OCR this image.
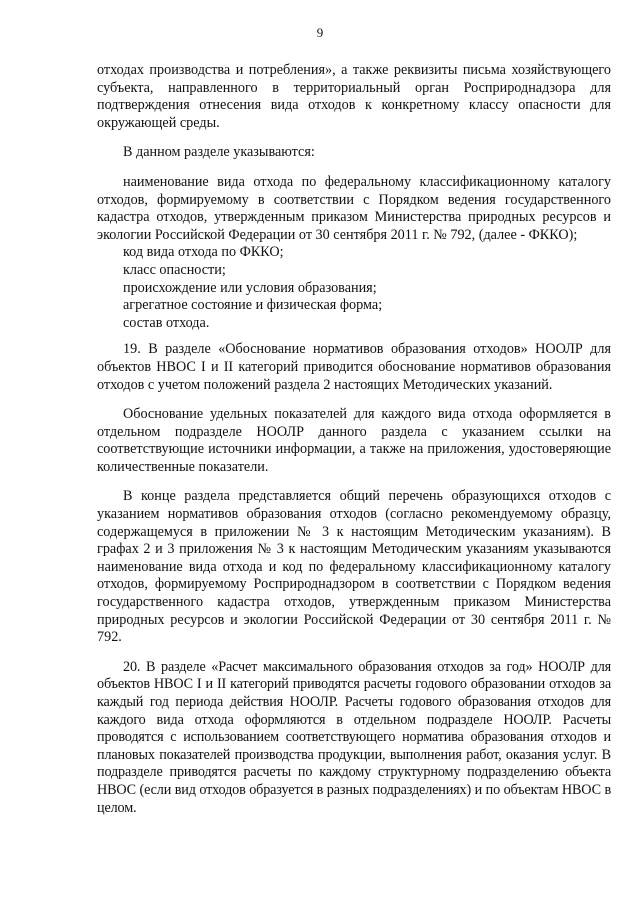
9

отходах производства и потребления», а также реквизиты письма хозяйствующего субъекта, направленного в территориальный орган Росприроднадзора для подтверждения отнесения вида отходов к конкретному классу опасности для окружающей среды.

В данном разделе указываются:

наименование вида отхода по федеральному классификационному каталогу отходов, формируемому в соответствии с Порядком ведения государственного кадастра отходов, утвержденным приказом Министерства природных ресурсов и экологии Российской Федерации от 30 сентября 2011 г. № 792, (далее - ФККО);

код вида отхода по ФККО;

класс опасности;

происхождение или условия образования;

агрегатное состояние и физическая форма;

состав отхода.

19. В разделе «Обоснование нормативов образования отходов» НООЛР для объектов НВОС I и II категорий приводится обоснование нормативов образования отходов с учетом положений раздела 2 настоящих Методических указаний.

Обоснование удельных показателей для каждого вида отхода оформляется в отдельном подразделе НООЛР данного раздела с указанием ссылки на соответствующие источники информации, а также на приложения, удостоверяющие количественные показатели.

В конце раздела представляется общий перечень образующихся отходов с указанием нормативов образования отходов (согласно рекомендуемому образцу, содержащемуся в приложении № 3 к настоящим Методическим указаниям). В графах 2 и 3 приложения № 3 к настоящим Методическим указаниям указываются наименование вида отхода и код по федеральному классификационному каталогу отходов, формируемому Росприроднадзором в соответствии с Порядком ведения государственного кадастра отходов, утвержденным приказом Министерства природных ресурсов и экологии Российской Федерации от 30 сентября 2011 г. № 792.

20. В разделе «Расчет максимального образования отходов за год» НООЛР для объектов НВОС I и II категорий приводятся расчеты годового образовании отходов за каждый год периода действия НООЛР. Расчеты годового образования отходов для каждого вида отхода оформляются в отдельном подразделе НООЛР. Расчеты проводятся с использованием соответствующего норматива образования отходов и плановых показателей производства продукции, выполнения работ, оказания услуг. В подразделе приводятся расчеты по каждому структурному подразделению объекта НВОС (если вид отходов образуется в разных подразделениях) и по объектам НВОС в целом.
